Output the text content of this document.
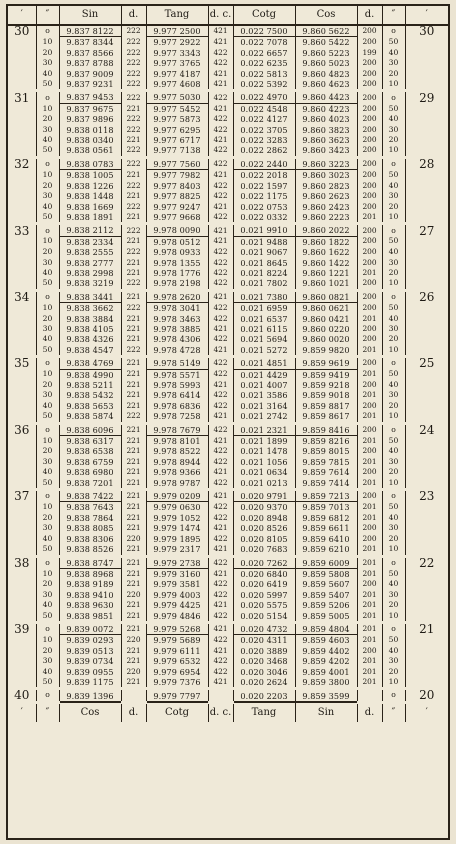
′	″	Sin	d.	Tang	d. c.	Cotg	Cos	d.	″	′
30	o	9.837 8122	222	9.977 2500	421	0.022 7500	9.860 5622	200	o	30
	10	9.837 8344	222	9.977 2922	421	0.022 7078	9.860 5422	200	50	
	20	9.837 8566	222	9.977 3343	422	0.022 6657	9.860 5223	199	40	
	30	9.837 8788	222	9.977 3765	422	0.022 6235	9.860 5023	200	30	
	40	9.837 9009	222	9.977 4187	421	0.022 5813	9.860 4823	200	20	
	50	9.837 9231	222	9.977 4608	421	0.022 5392	9.860 4623	200	10	
31	o	9.837 9453	222	9.977 5030	422	0.022 4970	9.860 4423	200	o	29
	10	9.837 9675	221	9.977 5452	421	0.022 4548	9.860 4223	200	50	
	20	9.837 9896	222	9.977 5873	422	0.022 4127	9.860 4023	200	40	
	30	9.838 0118	222	9.977 6295	422	0.022 3705	9.860 3823	200	30	
	40	9.838 0340	221	9.977 6717	421	0.022 3283	9.860 3623	200	20	
	50	9.838 0561	222	9.977 7138	422	0.022 2862	9.860 3423	200	10	
32	o	9.838 0783	222	9.977 7560	422	0.022 2440	9.860 3223	200	o	28
	10	9.838 1005	221	9.977 7982	421	0.022 2018	9.860 3023	200	50	
	20	9.838 1226	222	9.977 8403	422	0.022 1597	9.860 2823	200	40	
	30	9.838 1448	221	9.977 8825	422	0.022 1175	9.860 2623	200	30	
	40	9.838 1669	222	9.977 9247	421	0.022 0753	9.860 2423	200	20	
	50	9.838 1891	221	9.977 9668	422	0.022 0332	9.860 2223	201	10	
33	o	9.838 2112	222	9.978 0090	421	0.021 9910	9.860 2022	200	o	27
	10	9.838 2334	221	9.978 0512	421	0.021 9488	9.860 1822	200	50	
	20	9.838 2555	222	9.978 0933	422	0.021 9067	9.860 1622	200	40	
	30	9.838 2777	221	9.978 1355	422	0.021 8645	9.860 1422	200	30	
	40	9.838 2998	221	9.978 1776	422	0.021 8224	9.860 1221	201	20	
	50	9.838 3219	222	9.978 2198	422	0.021 7802	9.860 1021	200	10	
34	o	9.838 3441	221	9.978 2620	421	0.021 7380	9.860 0821	200	o	26
	10	9.838 3662	222	9.978 3041	422	0.021 6959	9.860 0621	200	50	
	20	9.838 3884	221	9.978 3463	422	0.021 6537	9.860 0421	201	40	
	30	9.838 4105	221	9.978 3885	421	0.021 6115	9.860 0220	200	30	
	40	9.838 4326	221	9.978 4306	422	0.021 5694	9.860 0020	200	20	
	50	9.838 4547	222	9.978 4728	421	0.021 5272	9.859 9820	201	10	
35	o	9.838 4769	221	9.978 5149	422	0.021 4851	9.859 9619	200	o	25
	10	9.838 4990	221	9.978 5571	422	0.021 4429	9.859 9419	201	50	
	20	9.838 5211	221	9.978 5993	421	0.021 4007	9.859 9218	200	40	
	30	9.838 5432	221	9.978 6414	422	0.021 3586	9.859 9018	201	30	
	40	9.838 5653	221	9.978 6836	422	0.021 3164	9.859 8817	200	20	
	50	9.838 5874	222	9.978 7258	421	0.021 2742	9.859 8617	201	10	
36	o	9.838 6096	221	9.978 7679	422	0.021 2321	9.859 8416	200	o	24
	10	9.838 6317	221	9.978 8101	421	0.021 1899	9.859 8216	201	50	
	20	9.838 6538	221	9.978 8522	422	0.021 1478	9.859 8015	200	40	
	30	9.838 6759	221	9.978 8944	422	0.021 1056	9.859 7815	201	30	
	40	9.838 6980	221	9.978 9366	421	0.021 0634	9.859 7614	200	20	
	50	9.838 7201	221	9.978 9787	422	0.021 0213	9.859 7414	201	10	
37	o	9.838 7422	221	9.979 0209	421	0.020 9791	9.859 7213	200	o	23
	10	9.838 7643	221	9.979 0630	422	0.020 9370	9.859 7013	201	50	
	20	9.838 7864	221	9.979 1052	422	0.020 8948	9.859 6812	201	40	
	30	9.838 8085	221	9.979 1474	421	0.020 8526	9.859 6611	200	30	
	40	9.838 8306	220	9.979 1895	422	0.020 8105	9.859 6410	200	20	
	50	9.838 8526	221	9.979 2317	421	0.020 7683	9.859 6210	201	10	
38	o	9.838 8747	221	9.979 2738	422	0.020 7262	9.859 6009	201	o	22
	10	9.838 8968	221	9.979 3160	421	0.020 6840	9.859 5808	201	50	
	20	9.838 9189	221	9.979 3581	422	0.020 6419	9.859 5607	200	40	
	30	9.838 9410	220	9.979 4003	422	0.020 5997	9.859 5407	201	30	
	40	9.838 9630	221	9.979 4425	421	0.020 5575	9.859 5206	201	20	
	50	9.838 9851	221	9.979 4846	422	0.020 5154	9.859 5005	201	10	
39	o	9.839 0072	221	9.979 5268	421	0.020 4732	9.859 4804	201	o	21
	10	9.839 0293	220	9.979 5689	422	0.020 4311	9.859 4603	201	50	
	20	9.839 0513	221	9.979 6111	421	0.020 3889	9.859 4402	200	40	
	30	9.839 0734	221	9.979 6532	422	0.020 3468	9.859 4202	201	30	
	40	9.839 0955	220	9.979 6954	422	0.020 3046	9.859 4001	201	20	
	50	9.839 1175	221	9.979 7376	421	0.020 2624	9.859 3800	201	10	
40	o	9.839 1396		9.979 7797		0.020 2203	9.859 3599		o	20
′	″	Cos	d.	Cotg	d. c.	Tang	Sin	d.	″	′
